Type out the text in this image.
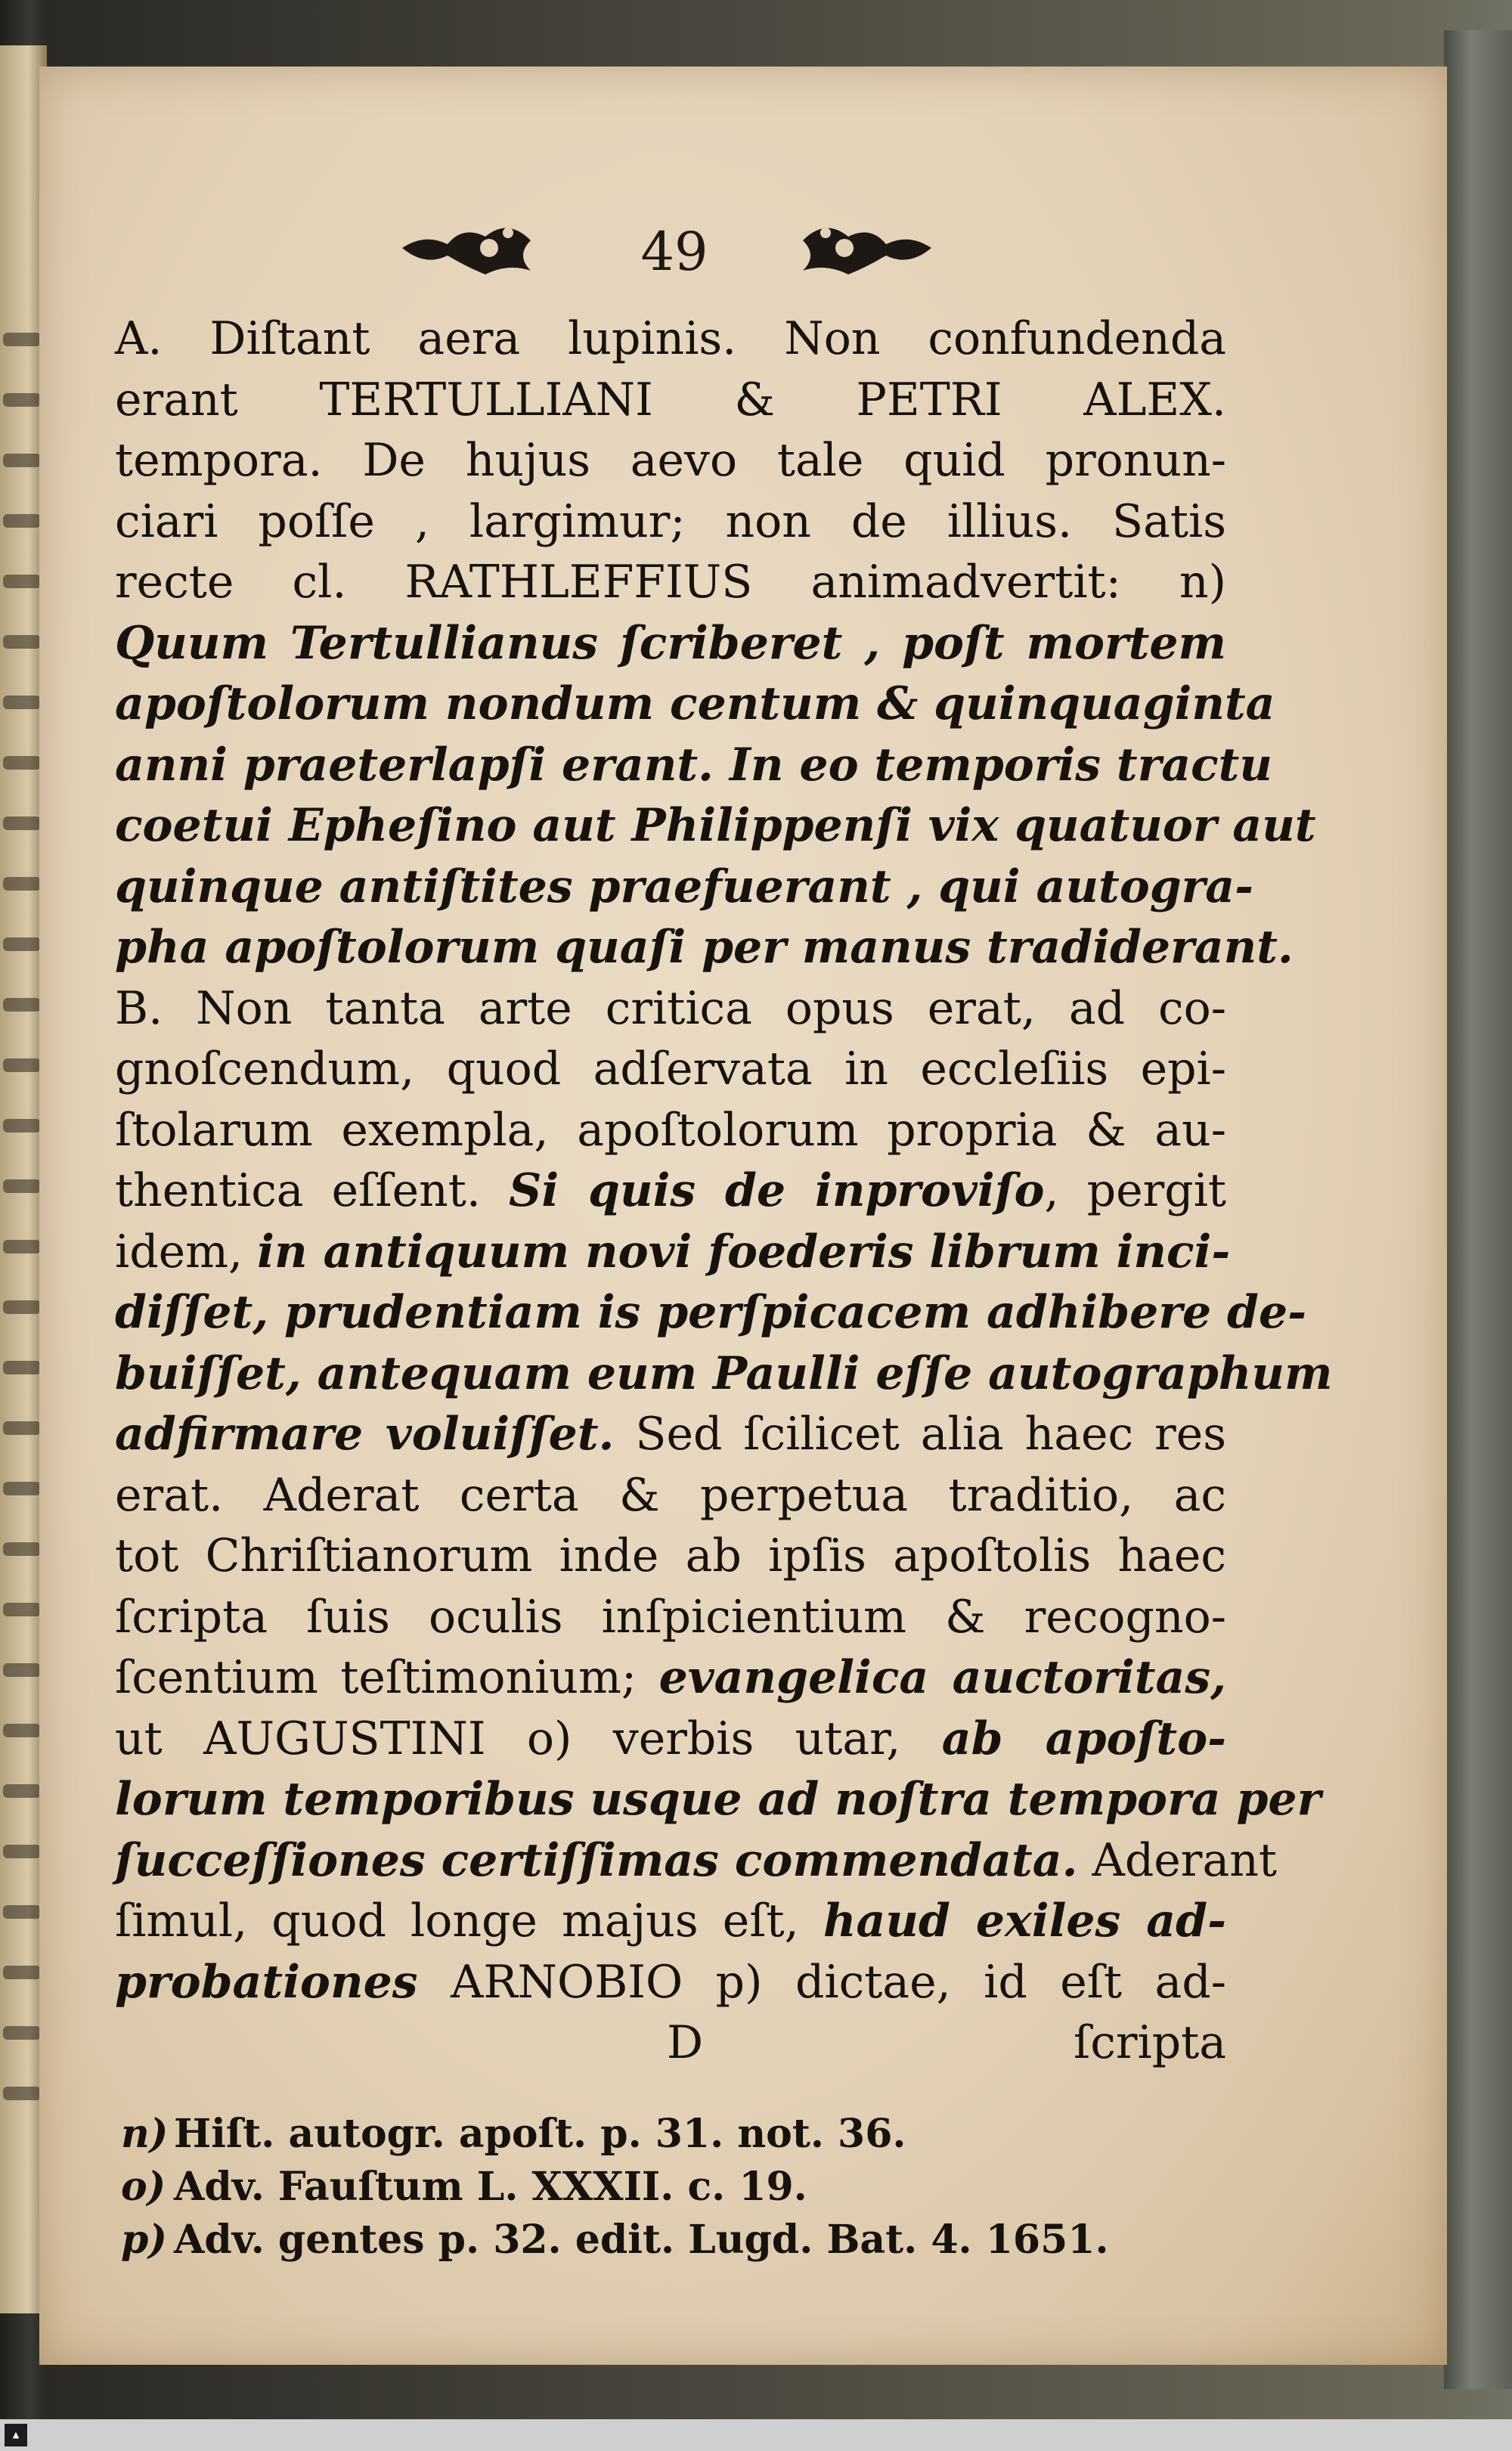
49
A. Diſtant aera lupinis. Non confundenda
erant TERTULLIANI & PETRI ALEX.
tempora. De hujus aevo tale quid pronun-
ciari poſſe , largimur; non de illius. Satis
recte cl. RATHLEFFIUS animadvertit: n)
Quum Tertullianus ſcriberet , poſt mortem
apoſtolorum nondum centum & quinquaginta
anni praeterlapſi erant. In eo temporis tractu
coetui Epheſino aut Philippenſi vix quatuor aut
quinque antiſtites praefuerant , qui autogra-
pha apoſtolorum quaſi per manus tradiderant.
B. Non tanta arte critica opus erat, ad co-
gnoſcendum, quod adſervata in eccleſiis epi-
ſtolarum exempla, apoſtolorum propria & au-
thentica eſſent. Si quis de inproviſo, pergit
idem, in antiquum novi foederis librum inci-
diſſet, prudentiam is perſpicacem adhibere de-
buiſſet, antequam eum Paulli eſſe autographum
adfirmare voluiſſet. Sed ſcilicet alia haec res
erat. Aderat certa & perpetua traditio, ac
tot Chriſtianorum inde ab ipſis apoſtolis haec
ſcripta ſuis oculis inſpicientium & recogno-
ſcentium teſtimonium; evangelica auctoritas,
ut AUGUSTINI o) verbis utar, ab apoſto-
lorum temporibus usque ad noſtra tempora per
ſucceſſiones certiſſimas commendata. Aderant
ſimul, quod longe majus eſt, haud exiles ad-
probationes ARNOBIO p) dictae, id eſt ad-
D	ſcripta
n) Hiſt. autogr. apoſt. p. 31. not. 36.
o) Adv. Fauſtum L. XXXII. c. 19.
p) Adv. gentes p. 32. edit. Lugd. Bat. 4. 1651.
▲
